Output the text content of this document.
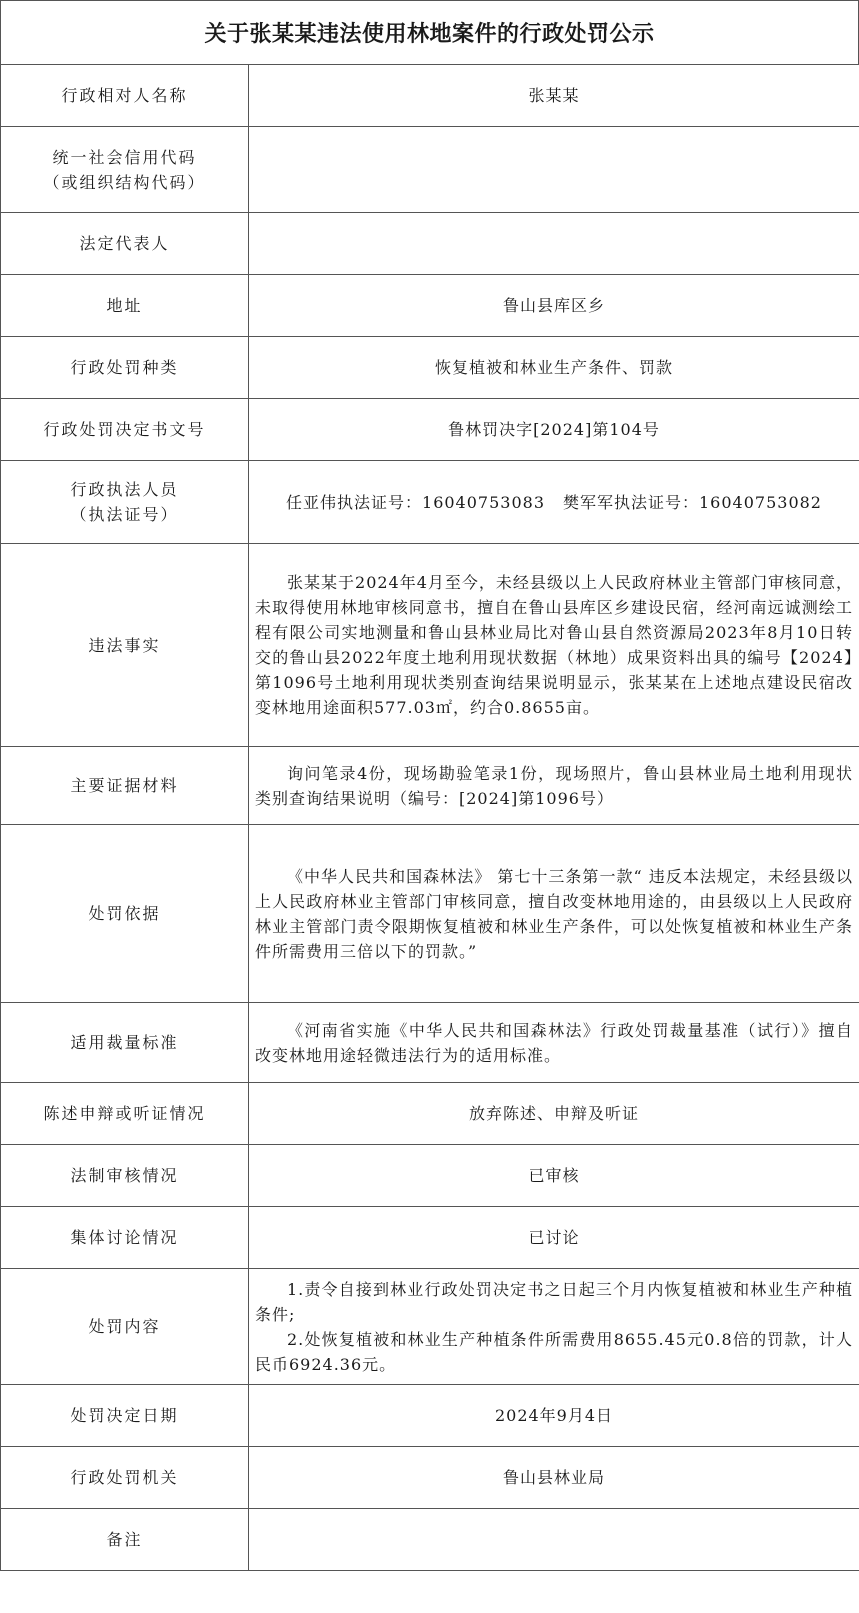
关于张某某违法使用林地案件的行政处罚公示
行政相对人名称	张某某

统一社会信用代码
（或组织结构代码）	

法定代表人	
地址	鲁山县库区乡
行政处罚种类	恢复植被和林业生产条件、罚款
行政处罚决定书文号	鲁林罚决字[2024]第104号

行政执法人员
（执法证号）	任亚伟执法证号：16040753083 樊军军执法证号：16040753082
违法事实	张某某于2024年4月至今，未经县级以上人民政府林业主管部门审核同意，未取得使用林地审核同意书，擅自在鲁山县库区乡建设民宿，经河南远诚测绘工程有限公司实地测量和鲁山县林业局比对鲁山县自然资源局2023年8月10日转交的鲁山县2022年度土地利用现状数据（林地）成果资料出具的编号【2024】第1096号土地利用现状类别查询结果说明显示，张某某在上述地点建设民宿改变林地用途面积577.03㎡，约合0.8655亩。

主要证据材料	询问笔录4份，现场勘验笔录1份，现场照片，鲁山县林业局土地利用现状类别查询结果说明（编号：[2024]第1096号）

处罚依据	《中华人民共和国森林法》 第七十三条第一款“ 违反本法规定，未经县级以上人民政府林业主管部门审核同意，擅自改变林地用途的，由县级以上人民政府林业主管部门责令限期恢复植被和林业生产条件，可以处恢复植被和林业生产条件所需费用三倍以下的罚款。”

适用裁量标准	《河南省实施《中华人民共和国森林法》行政处罚裁量基准（试行）》擅自改变林地用途轻微违法行为的适用标准。

陈述申辩或听证情况	放弃陈述、申辩及听证
法制审核情况	已审核
集体讨论情况	已讨论
处罚内容	1.责令自接到林业行政处罚决定书之日起三个月内恢复植被和林业生产种植条件;
2.处恢复植被和林业生产种植条件所需费用8655.45元0.8倍的罚款，计人民币6924.36元。

处罚决定日期	2024年9月4日
行政处罚机关	鲁山县林业局
备注	
